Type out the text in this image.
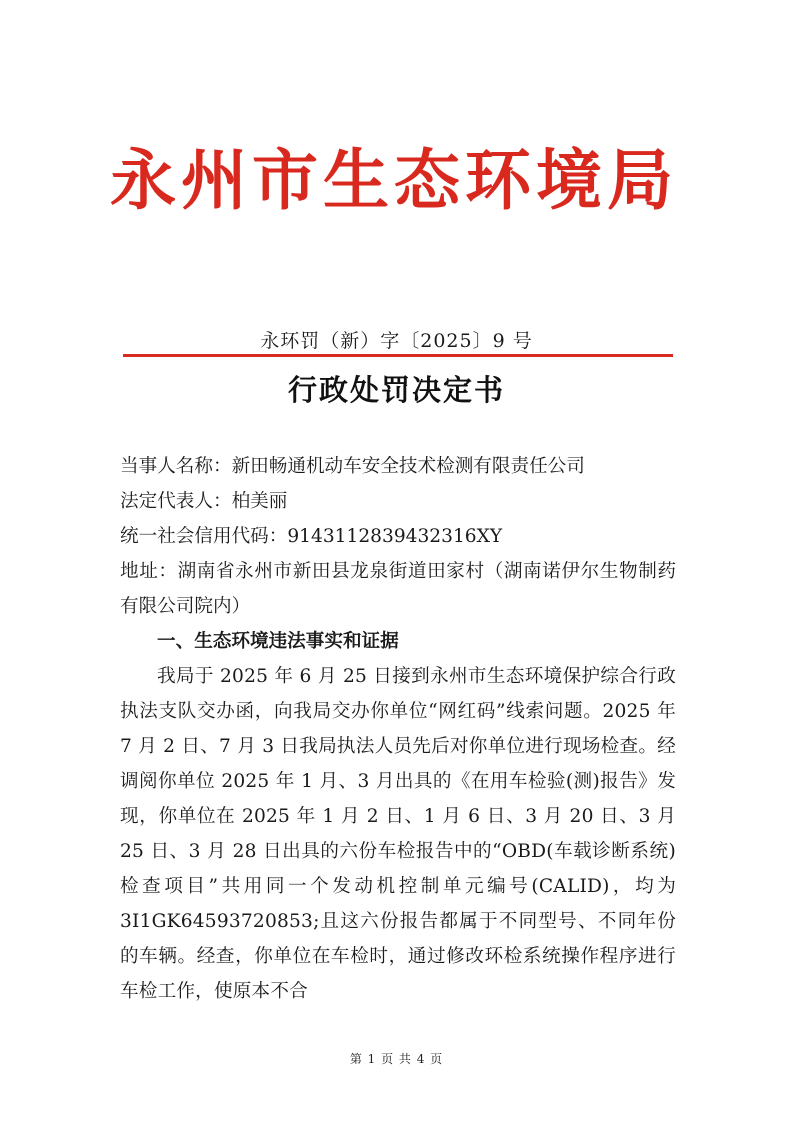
永州市生态环境局
永环罚（新）字〔2025〕9 号
行政处罚决定书

当事人名称：新田畅通机动车安全技术检测有限责任公司

法定代表人：柏美丽

统一社会信用代码：9143112839432316XY

地址：湖南省永州市新田县龙泉街道田家村（湖南诺伊尔生物制药有限公司院内）

一、生态环境违法事实和证据

我局于 2025 年 6 月 25 日接到永州市生态环境保护综合行政执法支队交办函，向我局交办你单位“网红码”线索问题。2025 年 7 月 2 日、7 月 3 日我局执法人员先后对你单位进行现场检查。经调阅你单位 2025 年 1 月、3 月出具的《在用车检验(测)报告》发现，你单位在 2025 年 1 月 2 日、1 月 6 日、3 月 20 日、3 月 25 日、3 月 28 日出具的六份车检报告中的“OBD(车载诊断系统)检查项目”共用同一个发动机控制单元编号(CALID)，均为 3I1GK64593720853;且这六份报告都属于不同型号、不同年份的车辆。经查，你单位在车检时，通过修改环检系统操作程序进行车检工作，使原本不合

第 1 页 共 4 页
